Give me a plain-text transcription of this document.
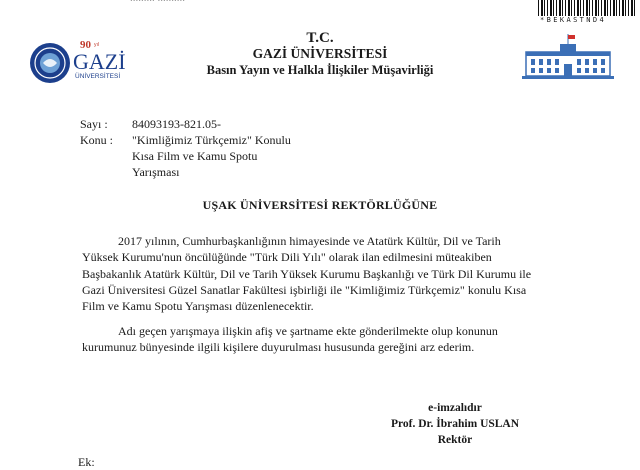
*BEKASTND4
90 yıl
GAZİ
ÜNİVERSİTESİ
T.C.
GAZİ ÜNİVERSİTESİ
Basın Yayın ve Halkla İlişkiler Müşavirliği
Sayı : 84093193-821.05-
Konu : "Kimliğimiz Türkçemiz" Konulu
Kısa Film ve Kamu Spotu
Yarışması
UŞAK ÜNİVERSİTESİ REKTÖRLÜĞÜNE
2017 yılının, Cumhurbaşkanlığının himayesinde ve Atatürk Kültür, Dil ve Tarih
Yüksek Kurumu'nun öncülüğünde "Türk Dili Yılı" olarak ilan edilmesini müteakiben
Başbakanlık Atatürk Kültür, Dil ve Tarih Yüksek Kurumu Başkanlığı ve Türk Dil Kurumu ile
Gazi Üniversitesi Güzel Sanatlar Fakültesi işbirliği ile "Kimliğimiz Türkçemiz" konulu Kısa
Film ve Kamu Spotu Yarışması düzenlenecektir.
Adı geçen yarışmaya ilişkin afiş ve şartname ekte gönderilmekte olup konunun
kurumunuz bünyesinde ilgili kişilere duyurulması hususunda gereğini arz ederim.
e-imzalıdır
Prof. Dr. İbrahim USLAN
Rektör
Ek:
